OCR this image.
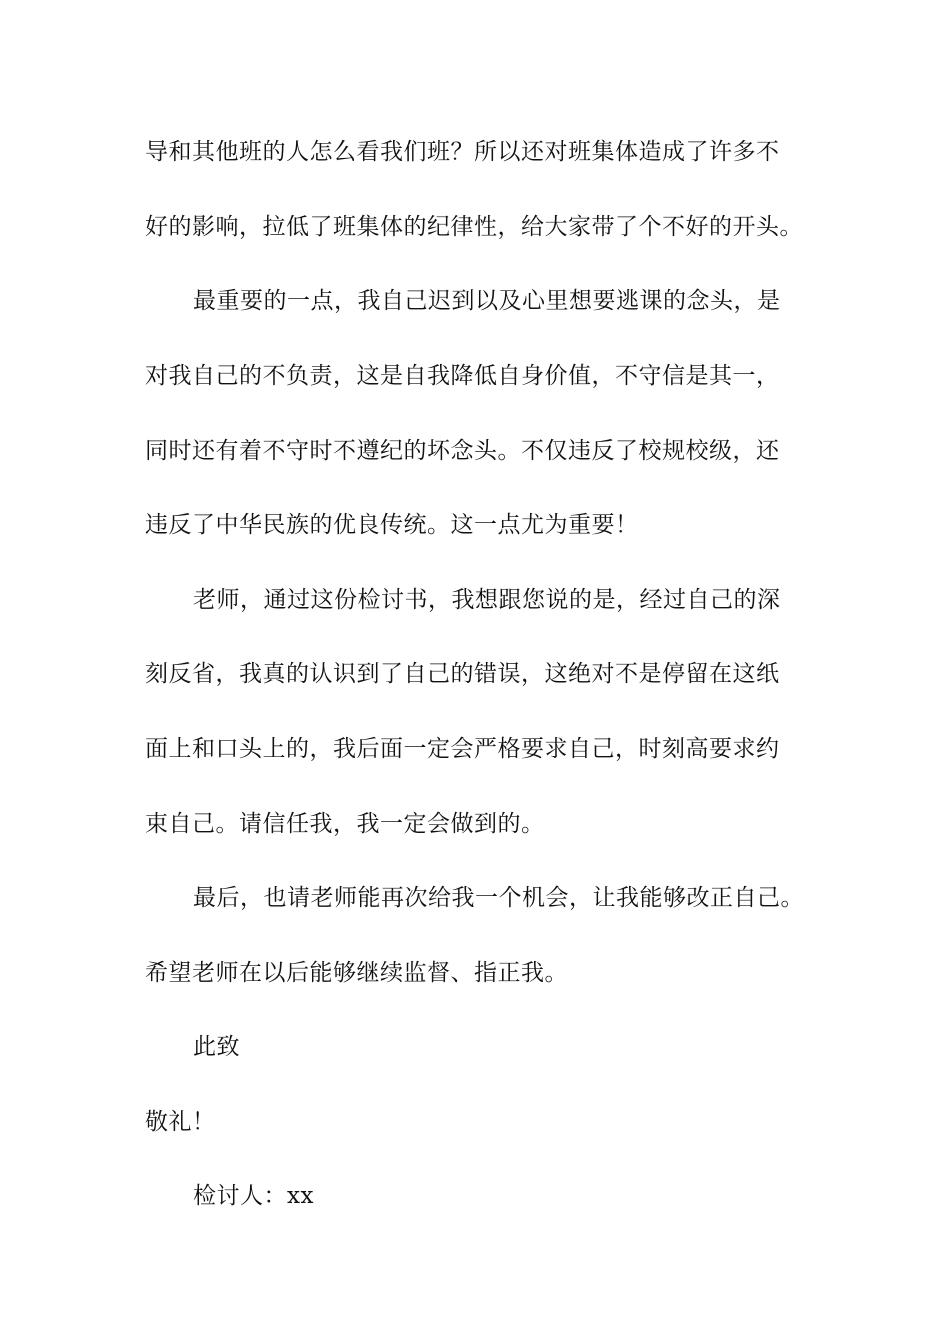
导和其他班的人怎么看我们班？所以还对班集体造成了许多不
好的影响，拉低了班集体的纪律性，给大家带了个不好的开头。
最重要的一点，我自己迟到以及心里想要逃课的念头，是
对我自己的不负责，这是自我降低自身价值，不守信是其一，
同时还有着不守时不遵纪的坏念头。不仅违反了校规校级，还
违反了中华民族的优良传统。这一点尤为重要！
老师，通过这份检讨书，我想跟您说的是，经过自己的深
刻反省，我真的认识到了自己的错误，这绝对不是停留在这纸
面上和口头上的，我后面一定会严格要求自己，时刻高要求约
束自己。请信任我，我一定会做到的。
最后，也请老师能再次给我一个机会，让我能够改正自己。
希望老师在以后能够继续监督、指正我。
此致
敬礼！
检讨人：xx
